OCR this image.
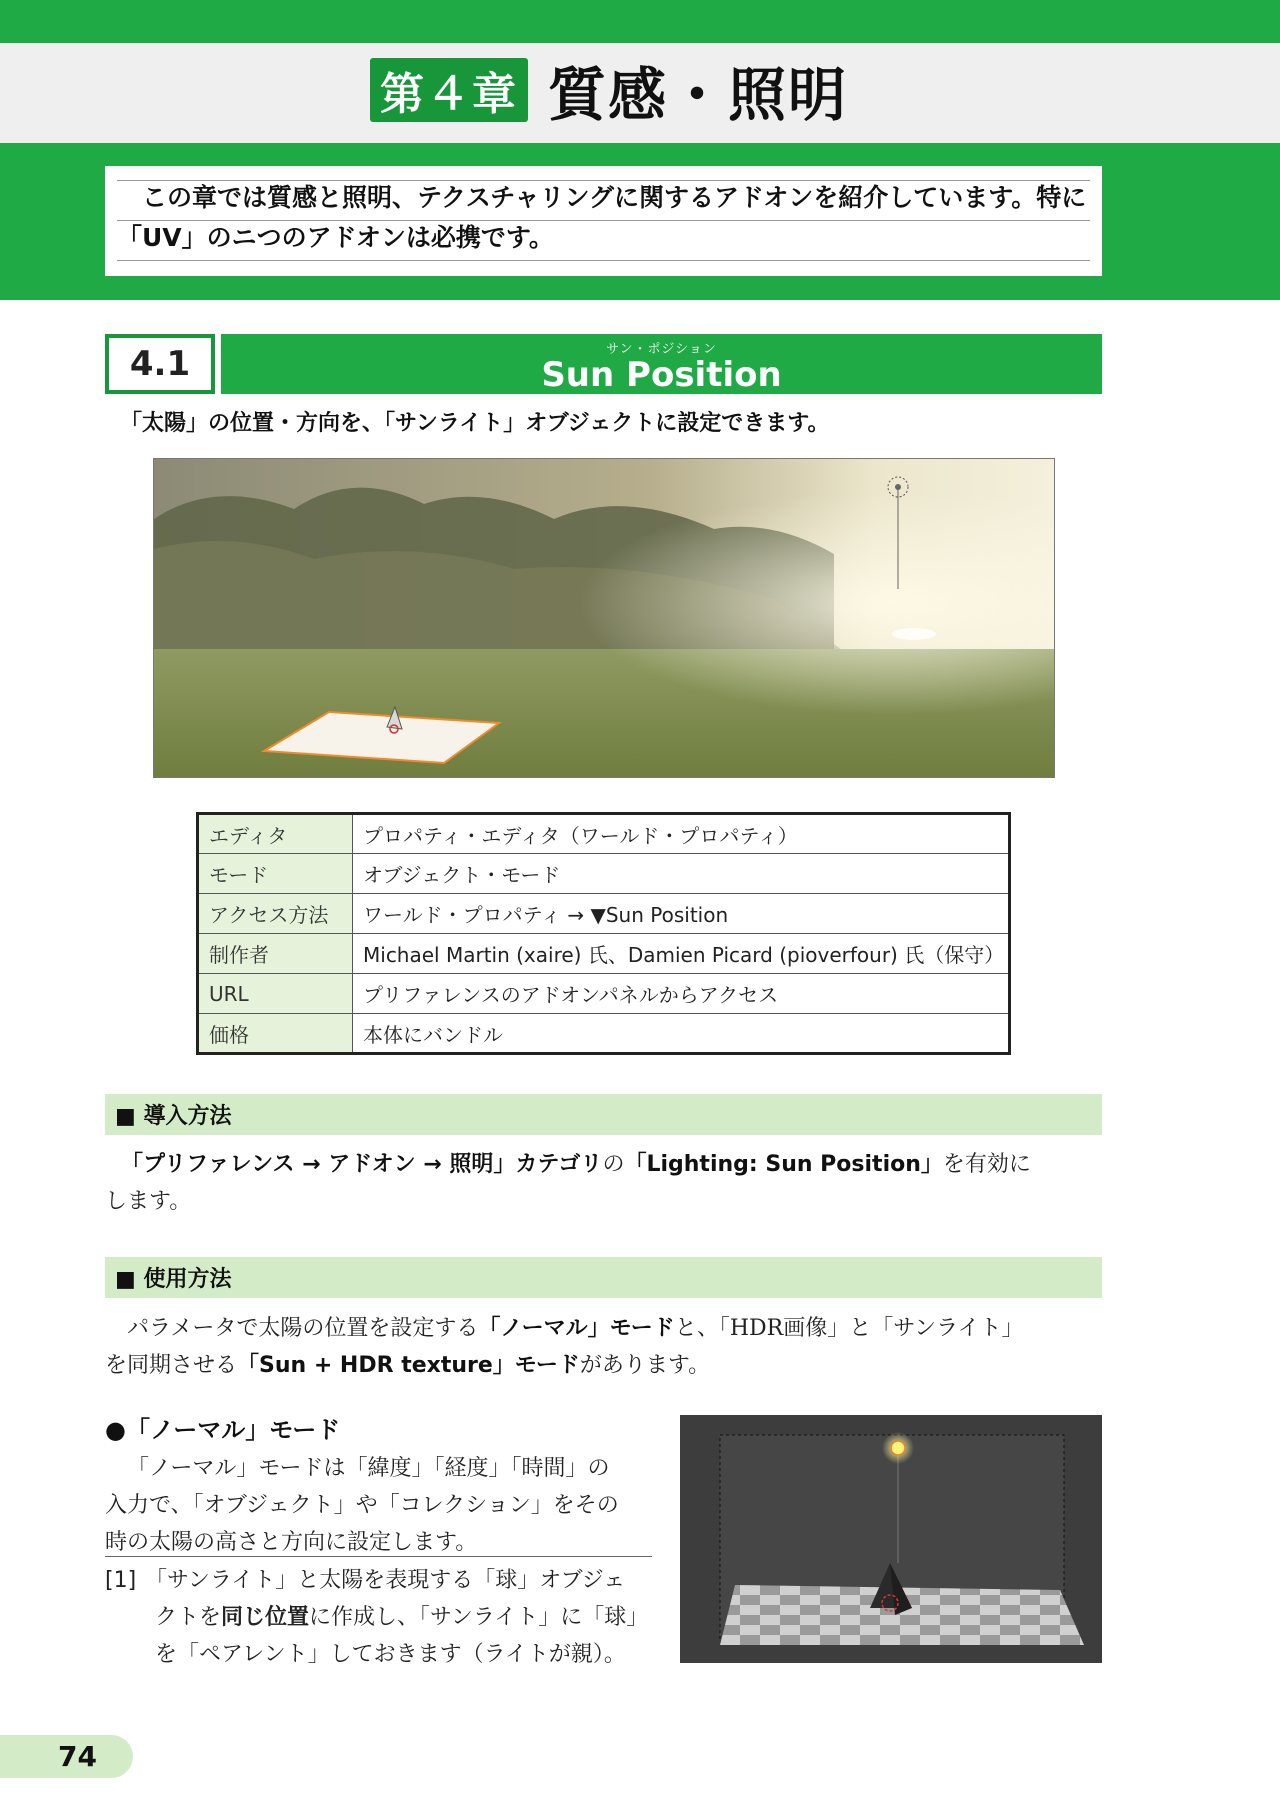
第４章 質感・照明
この章では質感と照明、テクスチャリングに関するアドオンを紹介しています。特に
「UV」のニつのアドオンは必携です。
4.1	サン・ポジション
Sun Position
「太陽」の位置・方向を、「サンライト」オブジェクトに設定できます。
エディタ	プロパティ・エディタ（ワールド・プロパティ）
モード	オブジェクト・モード
アクセス方法	ワールド・プロパティ → ▼Sun Position
制作者	Michael Martin (xaire) 氏、Damien Picard (pioverfour) 氏（保守）
URL	プリファレンスのアドオンパネルからアクセス
価格	本体にバンドル
■ 導入方法
「プリファレンス → アドオン → 照明」カテゴリの「Lighting: Sun Position」を有効に
します。
■ 使用方法
パラメータで太陽の位置を設定する「ノーマル」モードと、「HDR画像」と「サンライト」
を同期させる「Sun + HDR texture」モードがあります。
●「ノーマル」モード
「ノーマル」モードは「緯度」「経度」「時間」の
入力で、「オブジェクト」や「コレクション」をその
時の太陽の高さと方向に設定します。
[1] 「サンライト」と太陽を表現する「球」オブジェ
クトを同じ位置に作成し、「サンライト」に「球」
を「ペアレント」しておきます（ライトが親）。
74
